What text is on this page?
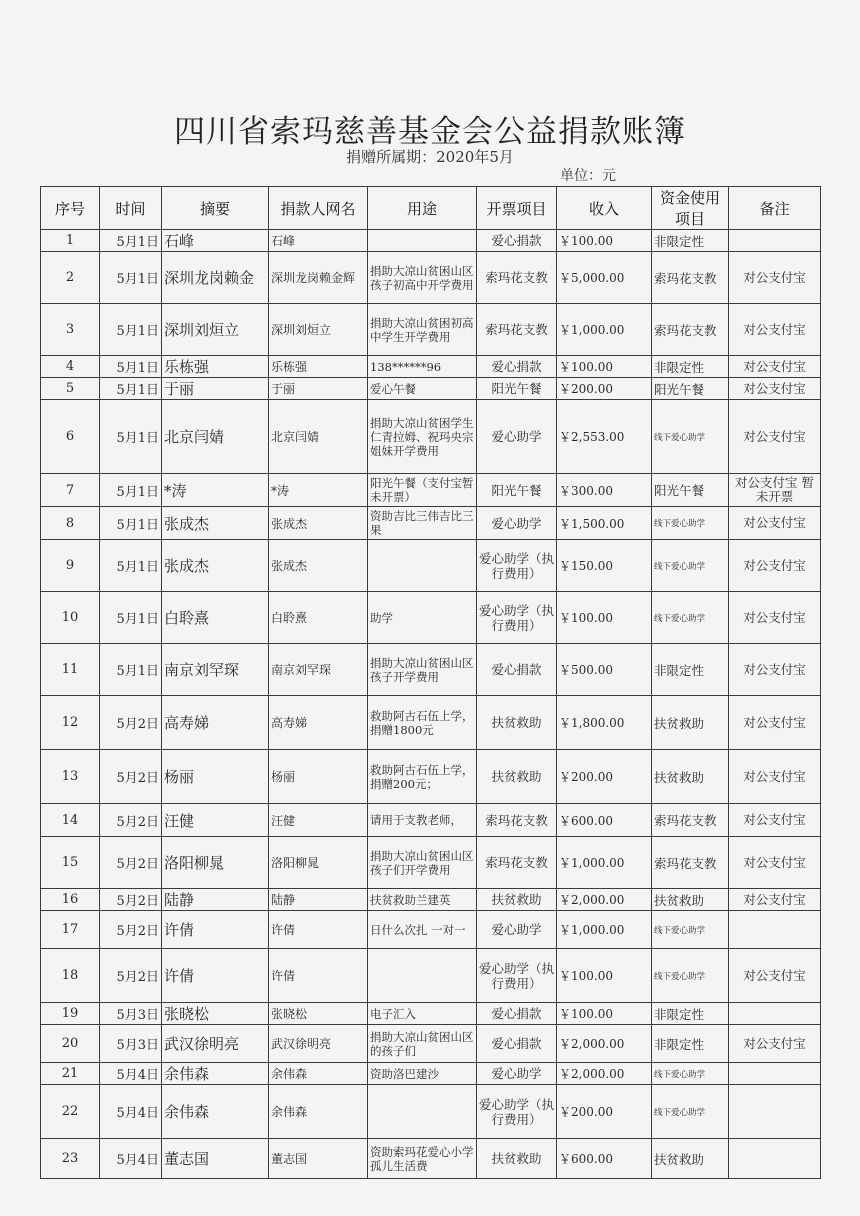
四川省索玛慈善基金会公益捐款账簿
捐赠所属期：2020年5月
单位：元
序号	时间	摘要	捐款人网名	用途	开票项目	收入	资金使用项目	备注
1	5月1日	石峰	石峰		爱心捐款	￥100.00	非限定性	
2	5月1日	深圳龙岗赖金	深圳龙岗赖金辉	捐助大凉山贫困山区孩子初高中开学费用	索玛花支教	￥5,000.00	索玛花支教	对公支付宝
3	5月1日	深圳刘烜立	深圳刘烜立	捐助大凉山贫困初高中学生开学费用	索玛花支教	￥1,000.00	索玛花支教	对公支付宝
4	5月1日	乐栋强	乐栋强	138******96	爱心捐款	￥100.00	非限定性	对公支付宝
5	5月1日	于丽	于丽	爱心午餐	阳光午餐	￥200.00	阳光午餐	对公支付宝
6	5月1日	北京闫婧	北京闫婧	捐助大凉山贫困学生仁青拉姆、祝玛央宗姐妹开学费用	爱心助学	￥2,553.00	线下爱心助学	对公支付宝
7	5月1日	*涛	*涛	阳光午餐（支付宝暂未开票）	阳光午餐	￥300.00	阳光午餐	对公支付宝 暂未开票
8	5月1日	张成杰	张成杰	资助吉比三伟吉比三果	爱心助学	￥1,500.00	线下爱心助学	对公支付宝
9	5月1日	张成杰	张成杰		爱心助学（执行费用）	￥150.00	线下爱心助学	对公支付宝
10	5月1日	白聆熹	白聆熹	助学	爱心助学（执行费用）	￥100.00	线下爱心助学	对公支付宝
11	5月1日	南京刘罕琛	南京刘罕琛	捐助大凉山贫困山区孩子开学费用	爱心捐款	￥500.00	非限定性	对公支付宝
12	5月2日	高寿娣	高寿娣	救助阿古石伍上学，捐赠1800元	扶贫救助	￥1,800.00	扶贫救助	对公支付宝
13	5月2日	杨丽	杨丽	救助阿古石伍上学，捐赠200元；	扶贫救助	￥200.00	扶贫救助	对公支付宝
14	5月2日	汪健	汪健	请用于支教老师，	索玛花支教	￥600.00	索玛花支教	对公支付宝
15	5月2日	洛阳柳晁	洛阳柳晁	捐助大凉山贫困山区孩子们开学费用	索玛花支教	￥1,000.00	索玛花支教	对公支付宝
16	5月2日	陆静	陆静	扶贫救助兰建英	扶贫救助	￥2,000.00	扶贫救助	对公支付宝
17	5月2日	许倩	许倩	日什么次扎 一对一	爱心助学	￥1,000.00	线下爱心助学	
18	5月2日	许倩	许倩		爱心助学（执行费用）	￥100.00	线下爱心助学	对公支付宝
19	5月3日	张晓松	张晓松	电子汇入	爱心捐款	￥100.00	非限定性	
20	5月3日	武汉徐明亮	武汉徐明亮	捐助大凉山贫困山区的孩子们	爱心捐款	￥2,000.00	非限定性	对公支付宝
21	5月4日	余伟森	余伟森	资助洛巴建沙	爱心助学	￥2,000.00	线下爱心助学	
22	5月4日	余伟森	余伟森		爱心助学（执行费用）	￥200.00	线下爱心助学	
23	5月4日	董志国	董志国	资助索玛花爱心小学孤儿生活费	扶贫救助	￥600.00	扶贫救助	
